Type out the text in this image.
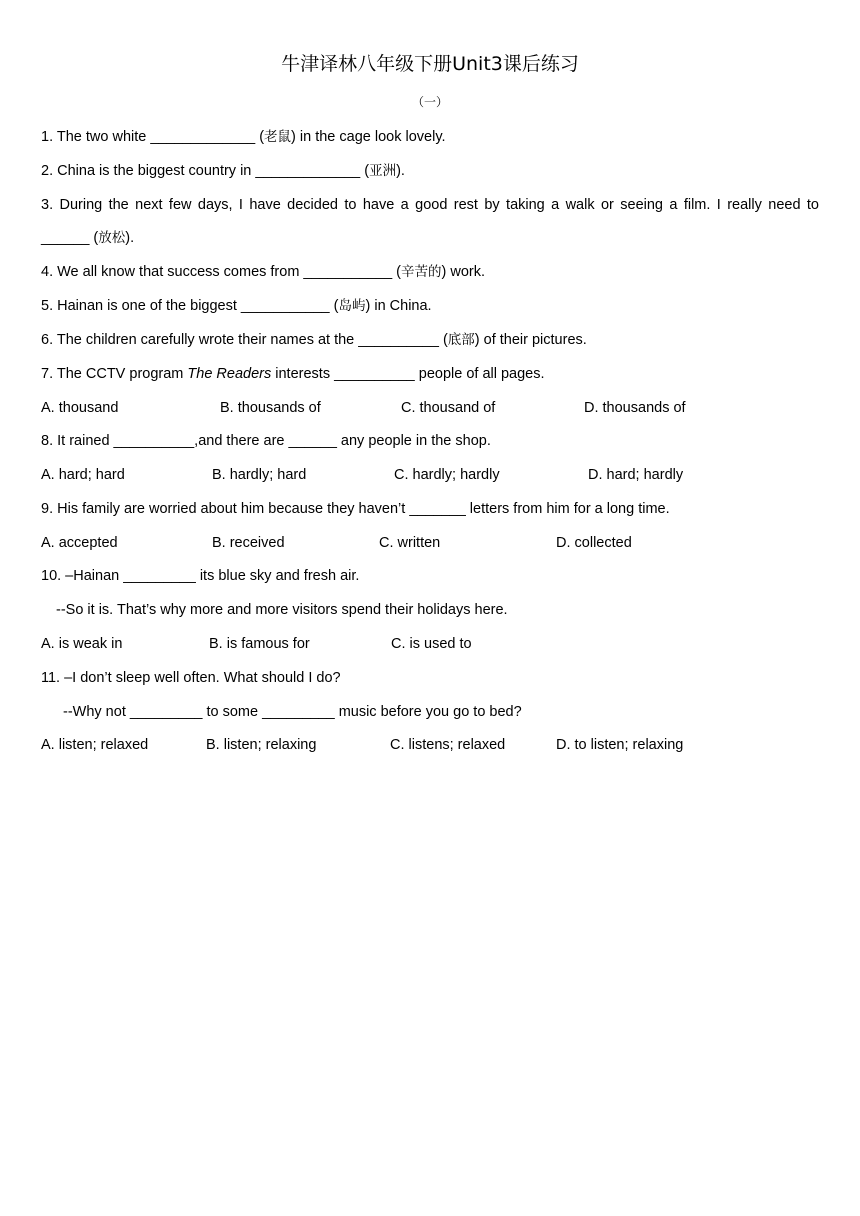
牛津译林八年级下册Unit3课后练习
（一）
1. The two white _____________ (老鼠) in the cage look lovely.
2. China is the biggest country in _____________ (亚洲).
3. During the next few days, I have decided to have a good rest by taking a walk or seeing a film. I really need to
______ (放松).
4. We all know that success comes from ___________ (辛苦的) work.
5. Hainan is one of the biggest ___________ (岛屿) in China.
6. The children carefully wrote their names at the __________ (底部) of their pictures.
7. The CCTV program The Readers interests __________ people of all pages.
A. thousand	B. thousands of	C. thousand of	D. thousands of
8. It rained __________,and there are ______ any people in the shop.
A. hard; hard	B. hardly; hard	C. hardly; hardly	D. hard; hardly
9. His family are worried about him because they haven’t _______ letters from him for a long time.
A. accepted	B. received	C. written	D. collected
10. –Hainan _________ its blue sky and fresh air.
--So it is. That’s why more and more visitors spend their holidays here.
A. is weak in	B. is famous for	C. is used to
11. –I don’t sleep well often. What should I do?
--Why not _________ to some _________ music before you go to bed?
A. listen; relaxed	B. listen; relaxing	C. listens; relaxed	D. to listen; relaxing
